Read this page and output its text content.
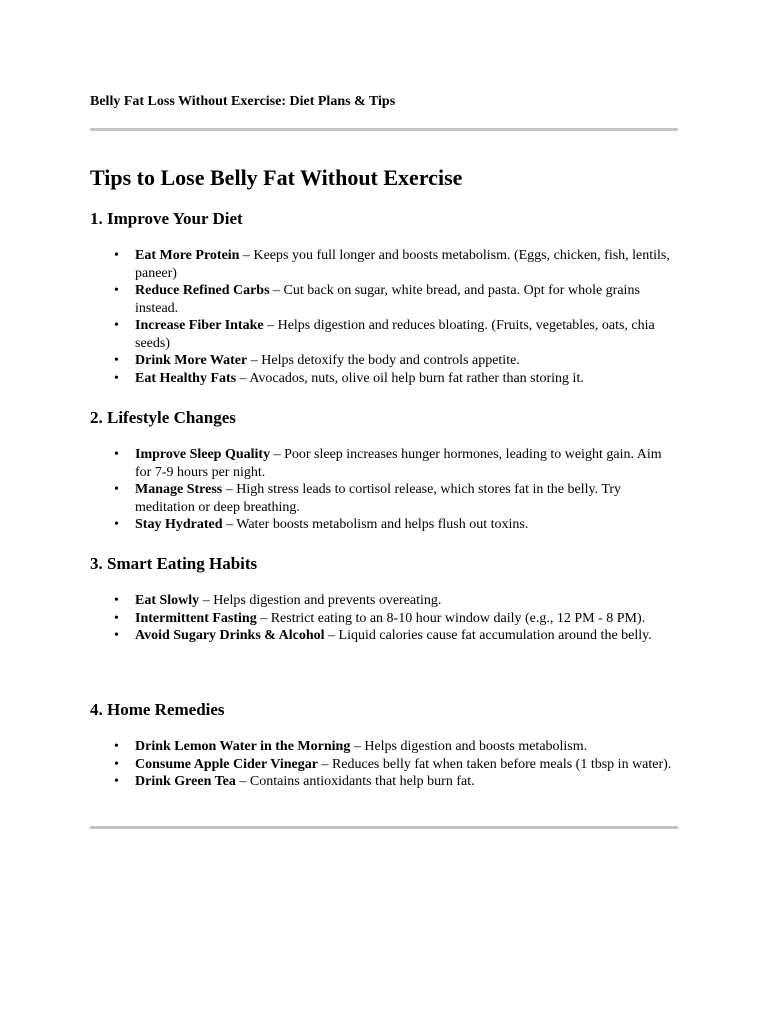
Belly Fat Loss Without Exercise: Diet Plans & Tips
Tips to Lose Belly Fat Without Exercise
1. Improve Your Diet
• Eat More Protein – Keeps you full longer and boosts metabolism. (Eggs, chicken, fish, lentils, paneer)
• Reduce Refined Carbs – Cut back on sugar, white bread, and pasta. Opt for whole grains instead.
• Increase Fiber Intake – Helps digestion and reduces bloating. (Fruits, vegetables, oats, chia seeds)
• Drink More Water – Helps detoxify the body and controls appetite.
• Eat Healthy Fats – Avocados, nuts, olive oil help burn fat rather than storing it.
2. Lifestyle Changes
• Improve Sleep Quality – Poor sleep increases hunger hormones, leading to weight gain. Aim for 7-9 hours per night.
• Manage Stress – High stress leads to cortisol release, which stores fat in the belly. Try meditation or deep breathing.
• Stay Hydrated – Water boosts metabolism and helps flush out toxins.
3. Smart Eating Habits
• Eat Slowly – Helps digestion and prevents overeating.
• Intermittent Fasting – Restrict eating to an 8-10 hour window daily (e.g., 12 PM - 8 PM).
• Avoid Sugary Drinks & Alcohol – Liquid calories cause fat accumulation around the belly.
4. Home Remedies
• Drink Lemon Water in the Morning – Helps digestion and boosts metabolism.
• Consume Apple Cider Vinegar – Reduces belly fat when taken before meals (1 tbsp in water).
• Drink Green Tea – Contains antioxidants that help burn fat.
